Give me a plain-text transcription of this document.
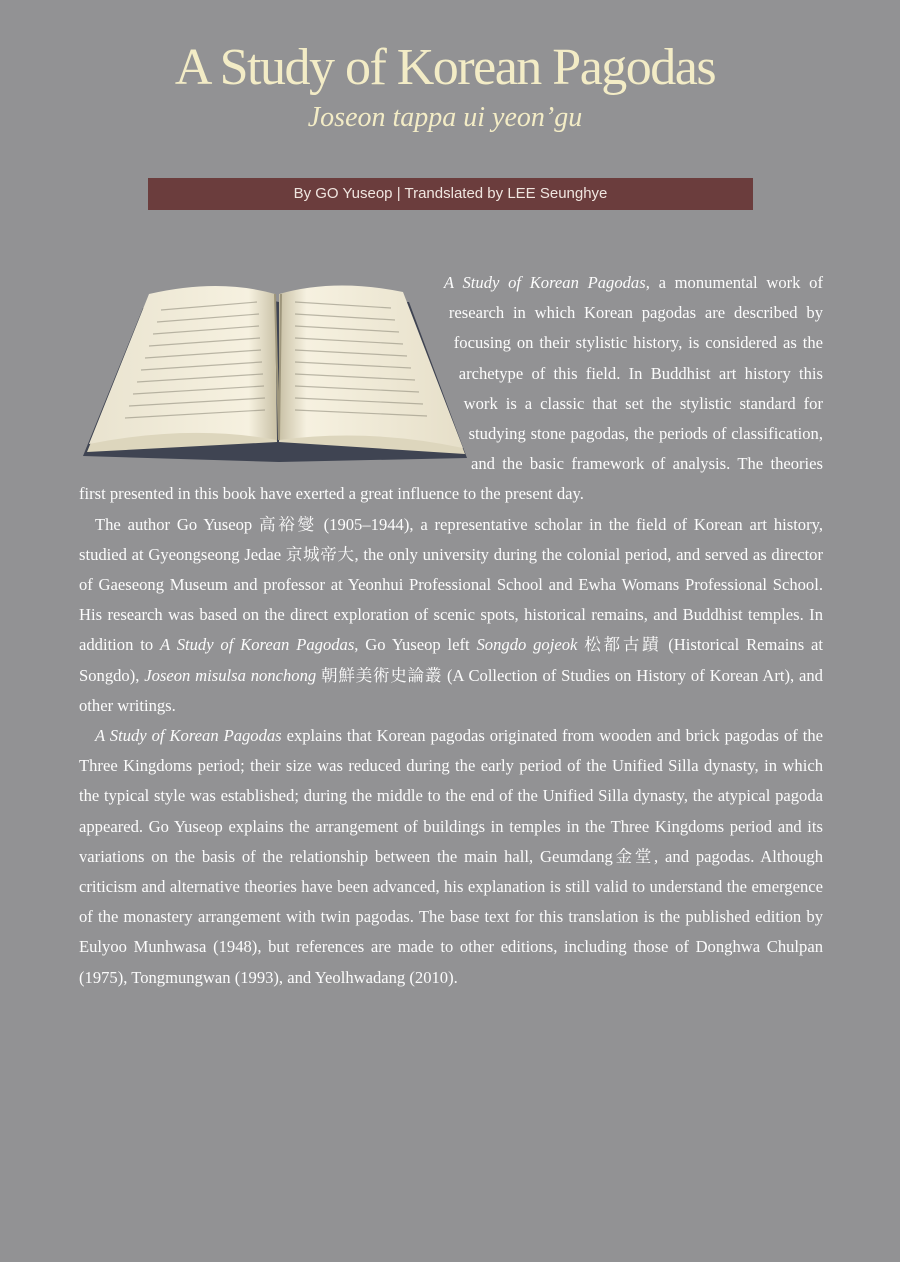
A Study of Korean Pagodas
Joseon tappa ui yeon’gu
By GO Yuseop | Trandslated by LEE Seunghye

A Study of Korean Pagodas, a monumental work of research in which Korean pagodas are described by focusing on their stylistic history, is considered as the archetype of this field. In Buddhist art history this work is a classic that set the stylistic standard for studying stone pagodas, the periods of classification, and the basic framework of analysis. The theories first presented in this book have exerted a great influence to the present day.

The author Go Yuseop 高裕燮 (1905–1944), a representative scholar in the field of Korean art history, studied at Gyeongseong Jedae 京城帝大, the only university during the colonial period, and served as director of Gaeseong Museum and professor at Yeonhui Professional School and Ewha Womans Professional School. His research was based on the direct exploration of scenic spots, historical remains, and Buddhist temples. In addition to A Study of Korean Pagodas, Go Yuseop left Songdo gojeok 松都古蹟 (Historical Remains at Songdo), Joseon misulsa nonchong 朝鮮美術史論叢 (A Collection of Studies on History of Korean Art), and other writings.

A Study of Korean Pagodas explains that Korean pagodas originated from wooden and brick pagodas of the Three Kingdoms period; their size was reduced during the early period of the Unified Silla dynasty, in which the typical style was established; during the middle to the end of the Unified Silla dynasty, the atypical pagoda appeared. Go Yuseop explains the arrangement of buildings in temples in the Three Kingdoms period and its variations on the basis of the relationship between the main hall, Geumdang金堂, and pagodas. Although criticism and alternative theories have been advanced, his explanation is still valid to understand the emergence of the monastery arrangement with twin pagodas. The base text for this translation is the published edition by Eulyoo Munhwasa (1948), but references are made to other editions, including those of Donghwa Chulpan (1975), Tongmungwan (1993), and Yeolhwadang (2010).
